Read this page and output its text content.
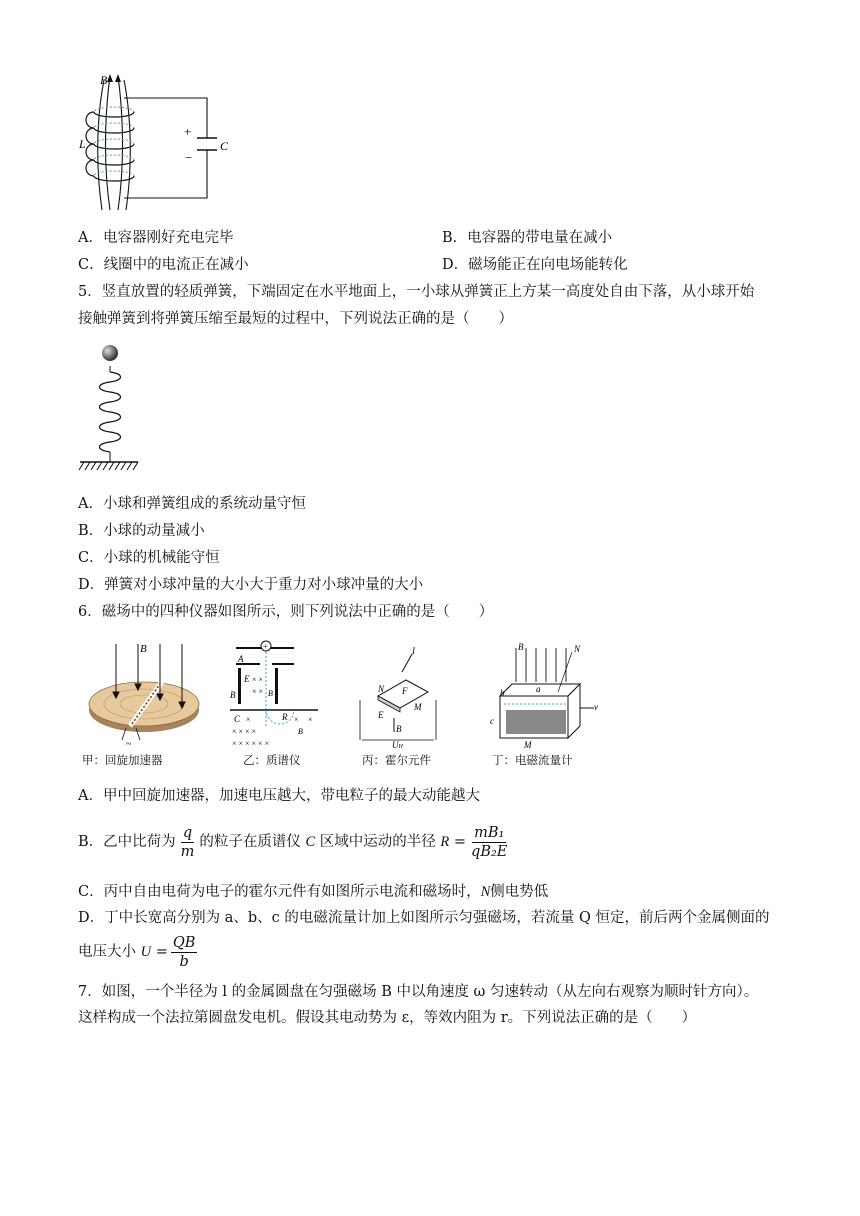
B
L
+
−
C
A．电容器刚好充电完毕	B．电容器的带电量在减小
C．线圈中的电流正在减小	D．磁场能正在向电场能转化
5．竖直放置的轻质弹簧，下端固定在水平地面上，一小球从弹簧正上方某一高度处自由下落，从小球开始
接触弹簧到将弹簧压缩至最短的过程中，下列说法正确的是（　　）
A．小球和弹簧组成的系统动量守恒
B．小球的动量减小
C．小球的机械能守恒
D．弹簧对小球冲量的大小大于重力对小球冲量的大小
6．磁场中的四种仪器如图所示，则下列说法中正确的是（　　）
B
~
甲：回旋加速器
+
A
E × ×
× × B
B
C ×	R × ×
B
× × × ×
× × × × × ×
乙：质谱仪
I
N F
M
E
B
UH
丙：霍尔元件
B	N
b	a
c
v
M
丁：电磁流量计
A．甲中回旋加速器，加速电压越大，带电粒子的最大动能越大
B．乙中比荷为 $\frac{q}{m}$ 的粒子在质谱仪 C 区域中运动的半径 $R = \frac{\text{mB₁}}{\text{qB₂E}}$
C．丙中自由电荷为电子的霍尔元件有如图所示电流和磁场时，N侧电势低
D．丁中长宽高分别为 a、b、c 的电磁流量计加上如图所示匀强磁场，若流量 Q 恒定，前后两个金属侧面的
电压大小 $U = \frac{QB}{b}$
7．如图，一个半径为 l 的金属圆盘在匀强磁场 B 中以角速度 ω 匀速转动（从左向右观察为顺时针方向）。
这样构成一个法拉第圆盘发电机。假设其电动势为 ε，等效内阻为 r。下列说法正确的是（　　）
